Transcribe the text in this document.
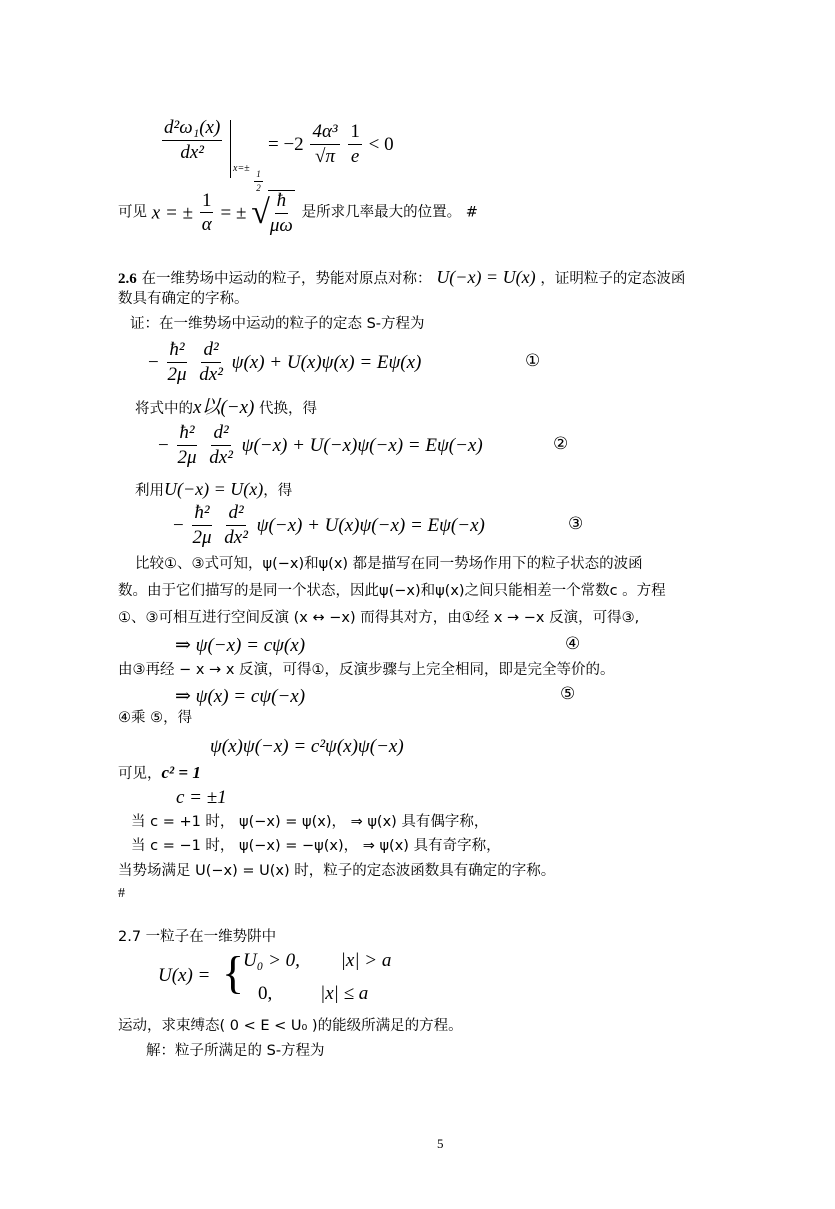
$\frac{\text{d²ω₁(x)}}{\text{dx²}}$
x=±
$\frac{1}{2}$
= $-2 \frac{\text{4α³}}{√\pi}$
$\frac{1}{e} < 0$
可见 x = ± $\frac{1}{\alpha}$ = ± √
$\frac{ħ}{\mu\omega}$ 是所求几率最大的位置。 #
2.6 在一维势场中运动的粒子，势能对原点对称： U(−x) = U(x) ，证明粒子的定态波函
数具有确定的字称。
证：在一维势场中运动的粒子的定态 S-方程为
− $\frac{\text{ħ²}}{2\mu}$
$\frac{\text{d²}}{\text{dx²}} \psi(x) + U(x)\psi(x) = E\psi(x)$	①
将式中的x以(−x) 代换，得
− $\frac{\text{ħ²}}{2\mu}$
$\frac{\text{d²}}{\text{dx²}} \psi(-x) + U(-x)\psi(-x) = E\psi(-x)$	②
利用U(−x) = U(x)，得
− $\frac{\text{ħ²}}{2\mu}$
$\frac{\text{d²}}{\text{dx²}} \psi(-x) + U(x)\psi(-x) = E\psi(-x)$	③
比较①、③式可知，ψ(−x)和ψ(x) 都是描写在同一势场作用下的粒子状态的波函
数。由于它们描写的是同一个状态，因此ψ(−x)和ψ(x)之间只能相差一个常数c 。方程
①、③可相互进行空间反演 (x ↔ −x) 而得其对方，由①经 x → −x 反演，可得③,
⇒ ψ(−x) = cψ(x)	④
由③再经 − x → x 反演，可得①，反演步骤与上完全相同，即是完全等价的。
⇒ ψ(x) = cψ(−x)	⑤
④乘 ⑤，得
ψ(x)ψ(−x) = c²ψ(x)ψ(−x)
可见，c² = 1
c = ±1
当 c = +1 时， ψ(−x) = ψ(x)， ⇒ ψ(x) 具有偶字称，
当 c = −1 时， ψ(−x) = −ψ(x)， ⇒ ψ(x) 具有奇字称，
当势场满足 U(−x) = U(x) 时，粒子的定态波函数具有确定的字称。
#
2.7 一粒子在一维势阱中
U(x) = {
U₀ > 0, |x| > a
0,	|x| ≤ a
运动，求束缚态( 0 < E < U₀ )的能级所满足的方程。
解：粒子所满足的 S-方程为
5
